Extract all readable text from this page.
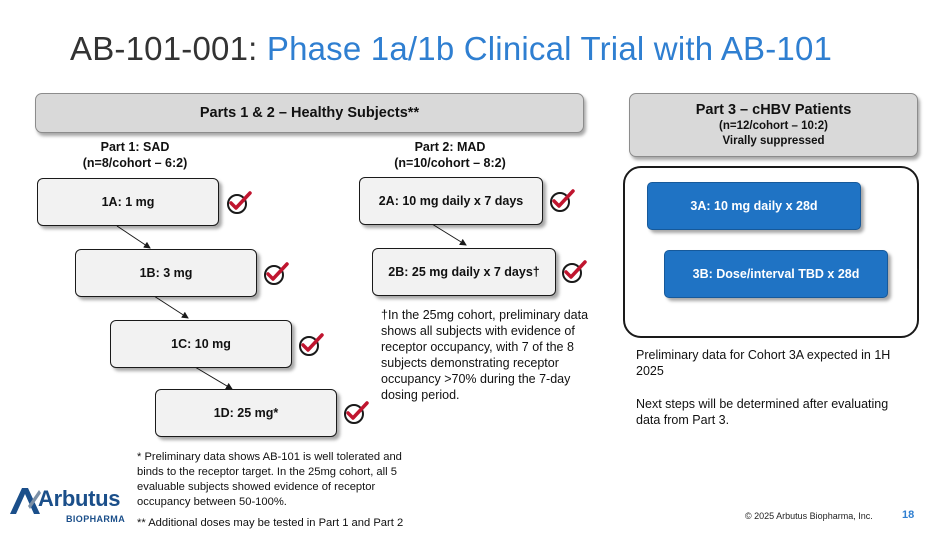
AB-101-001: Phase 1a/1b Clinical Trial with AB-101
Parts 1 & 2 – Healthy Subjects**	Part 3 – cHBV Patients
(n=12/cohort – 10:2)
Virally suppressed
Part 1: SAD
(n=8/cohort – 6:2)
Part 2: MAD
(n=10/cohort – 8:2)
1A: 1 mg
1B: 3 mg
1C: 10 mg
1D: 25 mg*
2A: 10 mg daily x 7 days
2B: 25 mg daily x 7 days†
†In the 25mg cohort, preliminary data shows all subjects with evidence of receptor occupancy, with 7 of the 8 subjects demonstrating receptor occupancy >70% during the 7-day dosing period.
3A: 10 mg daily x 28d
3B: Dose/interval TBD x 28d
Preliminary data for Cohort 3A expected in 1H 2025
Next steps will be determined after evaluating data from Part 3.
* Preliminary data shows AB-101 is well tolerated and binds to the receptor target. In the 25mg cohort, all 5 evaluable subjects showed evidence of receptor occupancy between 50-100%.
** Additional doses may be tested in Part 1 and Part 2
Arbutus
BIOPHARMA	© 2025 Arbutus Biopharma, Inc.	18
